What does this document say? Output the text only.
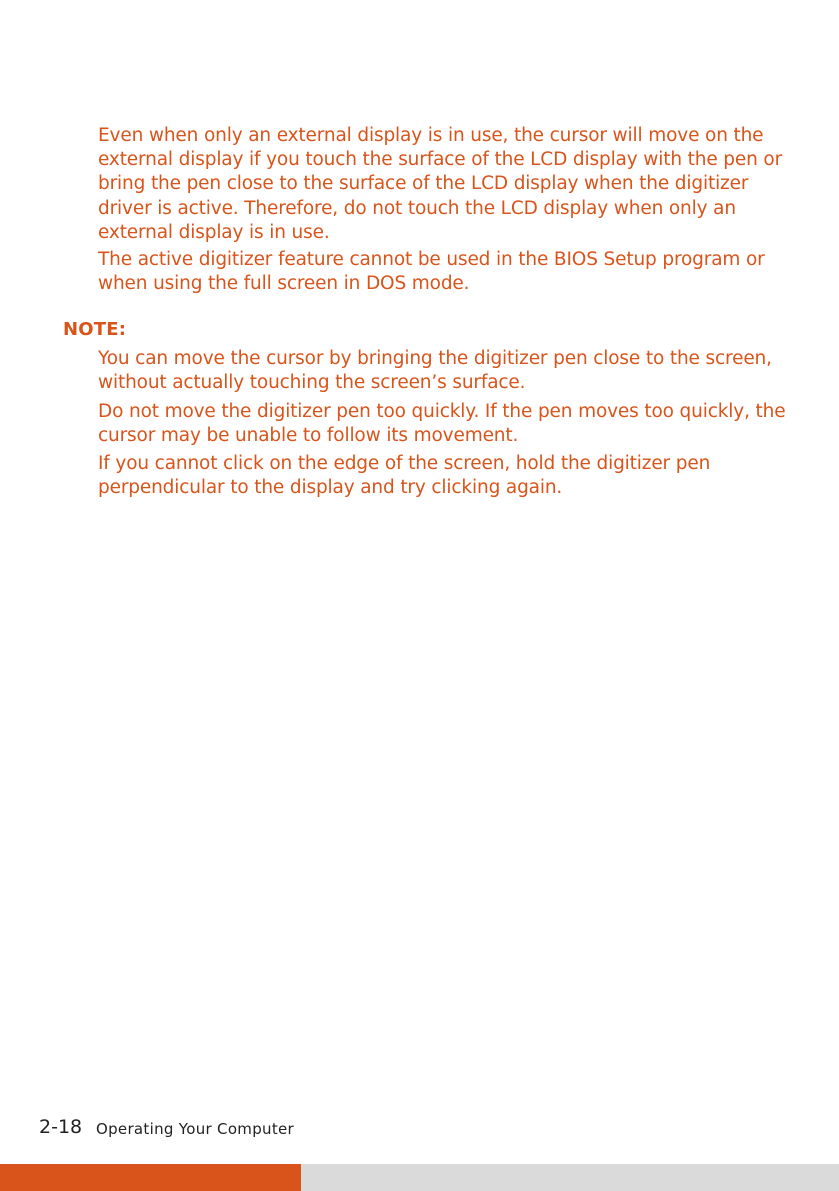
Even when only an external display is in use, the cursor will move on the external display if you touch the surface of the LCD display with the pen or bring the pen close to the surface of the LCD display when the digitizer driver is active. Therefore, do not touch the LCD display when only an external display is in use.

The active digitizer feature cannot be used in the BIOS Setup program or when using the full screen in DOS mode.

NOTE:

You can move the cursor by bringing the digitizer pen close to the screen, without actually touching the screen’s surface.

Do not move the digitizer pen too quickly. If the pen moves too quickly, the cursor may be unable to follow its movement.

If you cannot click on the edge of the screen, hold the digitizer pen perpendicular to the display and try clicking again.

2-18 Operating Your Computer
